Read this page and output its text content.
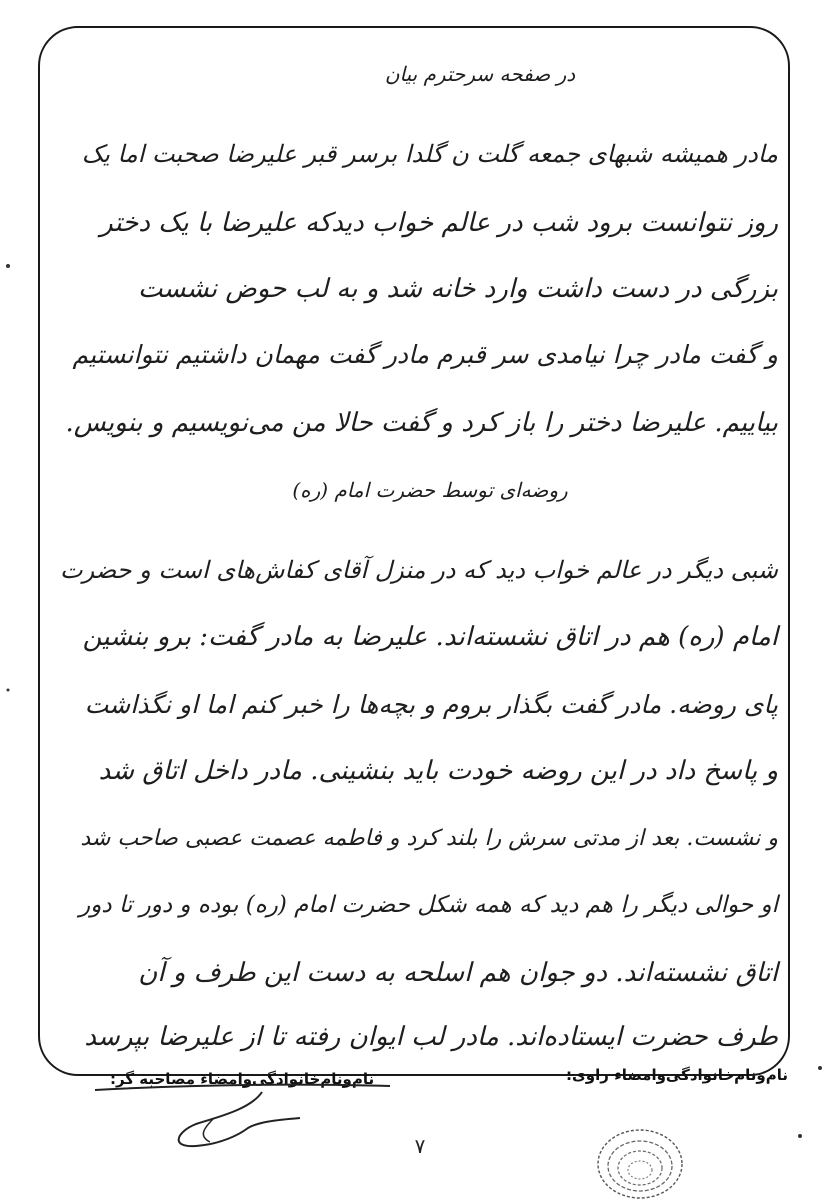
در صفحه سرحترم بیان
مادر همیشه شبهای جمعه گلت ن گلدا برسر قبر علیرضا صحبت اما یک
روز نتوانست برود شب در عالم خواب دیدکه علیرضا با یک دختر
بزرگی در دست داشت وارد خانه شد و به لب حوض نشست
و گفت مادر چرا نیامدی سر قبرم مادر گفت مهمان داشتیم نتوانستیم
بیاییم. علیرضا دختر را باز کرد و گفت حالا من می‌نویسیم و بنویس.
روضه‌ای توسط حضرت امام (ره)
شبی دیگر در عالم خواب دید که در منزل آقای کفاش‌های است و حضرت
امام (ره) هم در اتاق نشسته‌اند. علیرضا به مادر گفت: برو بنشین
پای روضه. مادر گفت بگذار بروم و بچه‌ها را خبر کنم اما او نگذاشت
و پاسخ داد در این روضه خودت باید بنشینی. مادر داخل اتاق شد
و نشست. بعد از مدتی سرش را بلند کرد و فاطمه عصمت عصبی صاحب شد
او حوالی دیگر را هم دید که همه شکل حضرت امام (ره) بوده و دور تا دور
اتاق نشسته‌اند. دو جوان هم اسلحه به دست این طرف و آن
طرف حضرت ایستاده‌اند. مادر لب ایوان رفته تا از علیرضا بپرسد
نام‌ونام‌خانوادگی‌وامضاء راوی:
نام‌ونام‌خانوادگی‌وامضاء مصاحبه گر:
۷
